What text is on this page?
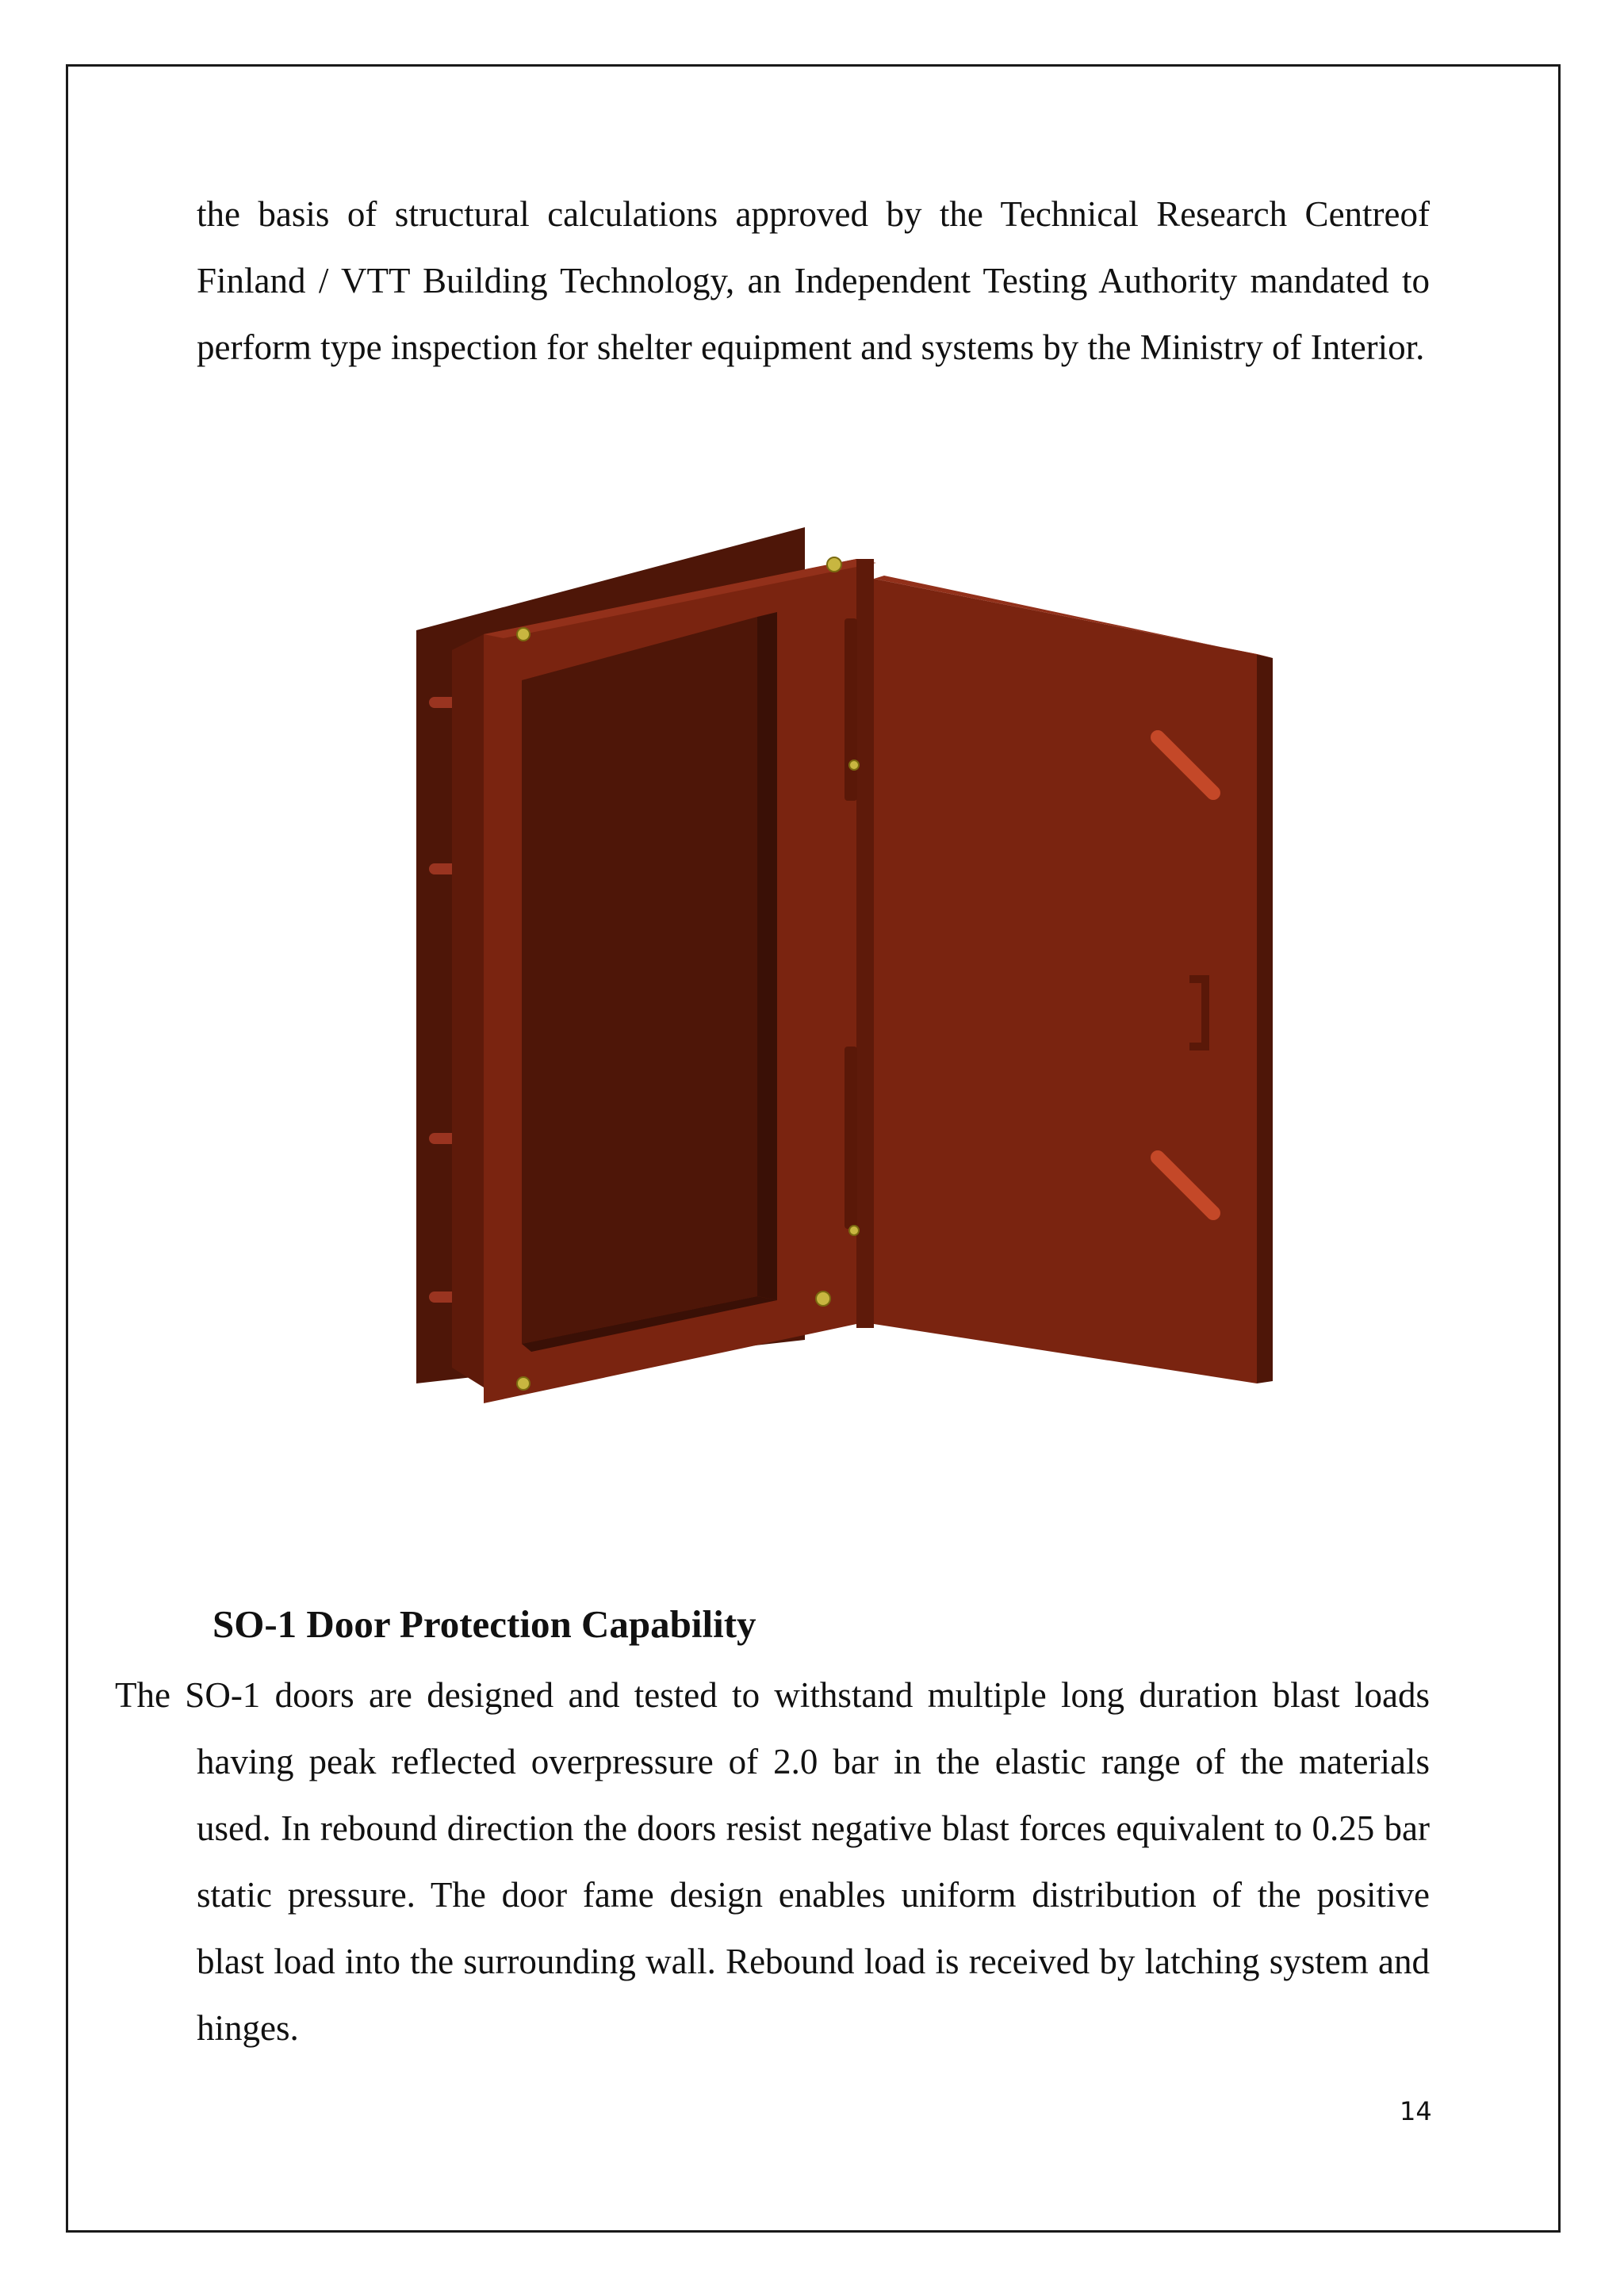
the basis of structural calculations approved by the Technical Research Centreof Finland / VTT Building Technology, an Independent Testing Authority mandated to perform type inspection for shelter equipment and systems by the Ministry of Interior.

SO-1 Door Protection Capability

The SO-1 doors are designed and tested to withstand multiple long duration blast loads having peak reflected overpressure of 2.0 bar in the elastic range of the materials used. In rebound direction the doors resist negative blast forces equivalent to 0.25 bar static pressure. The door fame design enables uniform distribution of the positive blast load into the surrounding wall. Rebound load is received by latching system and hinges.

14
